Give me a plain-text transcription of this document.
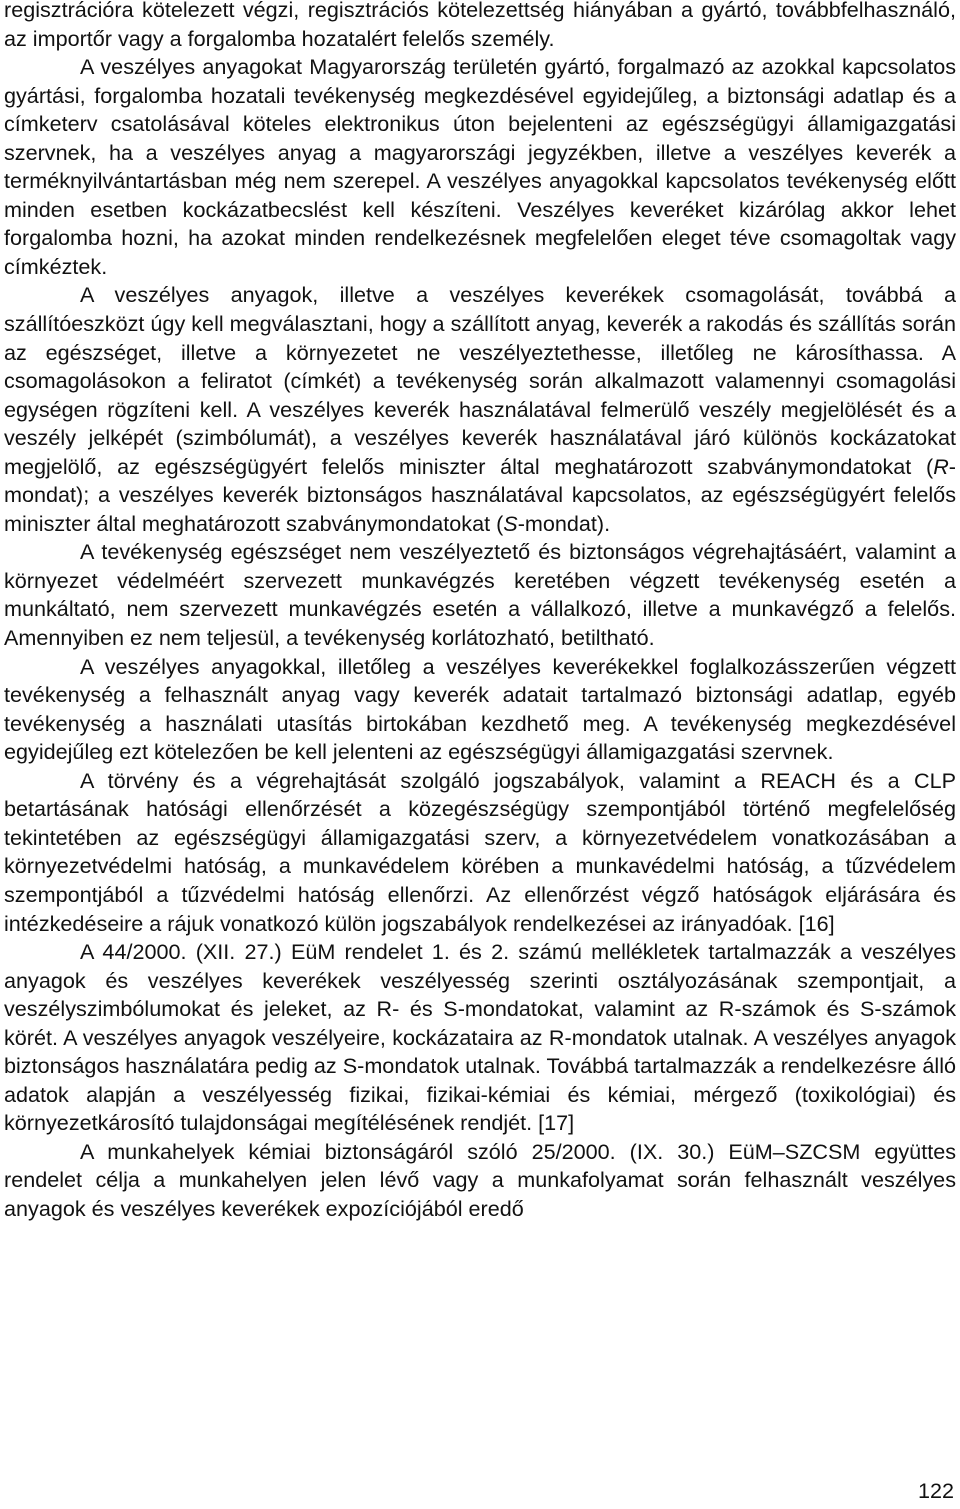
regisztrációra kötelezett végzi, regisztrációs kötelezettség hiányában a gyártó, továbbfelhasználó, az importőr vagy a forgalomba hozatalért felelős személy.

A veszélyes anyagokat Magyarország területén gyártó, forgalmazó az azokkal kapcsolatos gyártási, forgalomba hozatali tevékenység megkezdésével egyidejűleg, a biztonsági adatlap és a címketerv csatolásával köteles elektronikus úton bejelenteni az egészségügyi államigazgatási szervnek, ha a veszélyes anyag a magyarországi jegyzékben, illetve a veszélyes keverék a terméknyilvántartásban még nem szerepel. A veszélyes anyagokkal kapcsolatos tevékenység előtt minden esetben kockázatbecslést kell készíteni. Veszélyes keveréket kizárólag akkor lehet forgalomba hozni, ha azokat minden rendelkezésnek megfelelően eleget téve csomagoltak vagy címkéztek.

A veszélyes anyagok, illetve a veszélyes keverékek csomagolását, továbbá a szállítóeszközt úgy kell megválasztani, hogy a szállított anyag, keverék a rakodás és szállítás során az egészséget, illetve a környezetet ne veszélyeztethesse, illetőleg ne károsíthassa. A csomagolásokon a feliratot (címkét) a tevékenység során alkalmazott valamennyi csomagolási egységen rögzíteni kell. A veszélyes keverék használatával felmerülő veszély megjelölését és a veszély jelképét (szimbólumát), a veszélyes keverék használatával járó különös kockázatokat megjelölő, az egészségügyért felelős miniszter által meghatározott szabványmondatokat (R-mondat); a veszélyes keverék biztonságos használatával kapcsolatos, az egészségügyért felelős miniszter által meghatározott szabványmondatokat (S-mondat).

A tevékenység egészséget nem veszélyeztető és biztonságos végrehajtásáért, valamint a környezet védelméért szervezett munkavégzés keretében végzett tevékenység esetén a munkáltató, nem szervezett munkavégzés esetén a vállalkozó, illetve a munkavégző a felelős. Amennyiben ez nem teljesül, a tevékenység korlátozható, betiltható.

A veszélyes anyagokkal, illetőleg a veszélyes keverékekkel foglalkozásszerűen végzett tevékenység a felhasznált anyag vagy keverék adatait tartalmazó biztonsági adatlap, egyéb tevékenység a használati utasítás birtokában kezdhető meg. A tevékenység megkezdésével egyidejűleg ezt kötelezően be kell jelenteni az egészségügyi államigazgatási szervnek.

A törvény és a végrehajtását szolgáló jogszabályok, valamint a REACH és a CLP betartásának hatósági ellenőrzését a közegészségügy szempontjából történő megfelelőség tekintetében az egészségügyi államigazgatási szerv, a környezetvédelem vonatkozásában a környezetvédelmi hatóság, a munkavédelem körében a munkavédelmi hatóság, a tűzvédelem szempontjából a tűzvédelmi hatóság ellenőrzi. Az ellenőrzést végző hatóságok eljárására és intézkedéseire a rájuk vonatkozó külön jogszabályok rendelkezései az irányadóak. [16]

A 44/2000. (XII. 27.) EüM rendelet 1. és 2. számú mellékletek tartalmazzák a veszélyes anyagok és veszélyes keverékek veszélyesség szerinti osztályozásának szempontjait, a veszélyszimbólumokat és jeleket, az R- és S-mondatokat, valamint az R-számok és S-számok körét. A veszélyes anyagok veszélyeire, kockázataira az R-mondatok utalnak. A veszélyes anyagok biztonságos használatára pedig az S-mondatok utalnak. Továbbá tartalmazzák a rendelkezésre álló adatok alapján a veszélyesség fizikai, fizikai-kémiai és kémiai, mérgező (toxikológiai) és környezetkárosító tulajdonságai megítélésének rendjét. [17]

A munkahelyek kémiai biztonságáról szóló 25/2000. (IX. 30.) EüM–SZCSM együttes rendelet célja a munkahelyen jelen lévő vagy a munkafolyamat során felhasznált veszélyes anyagok és veszélyes keverékek expozíciójából eredő

122
